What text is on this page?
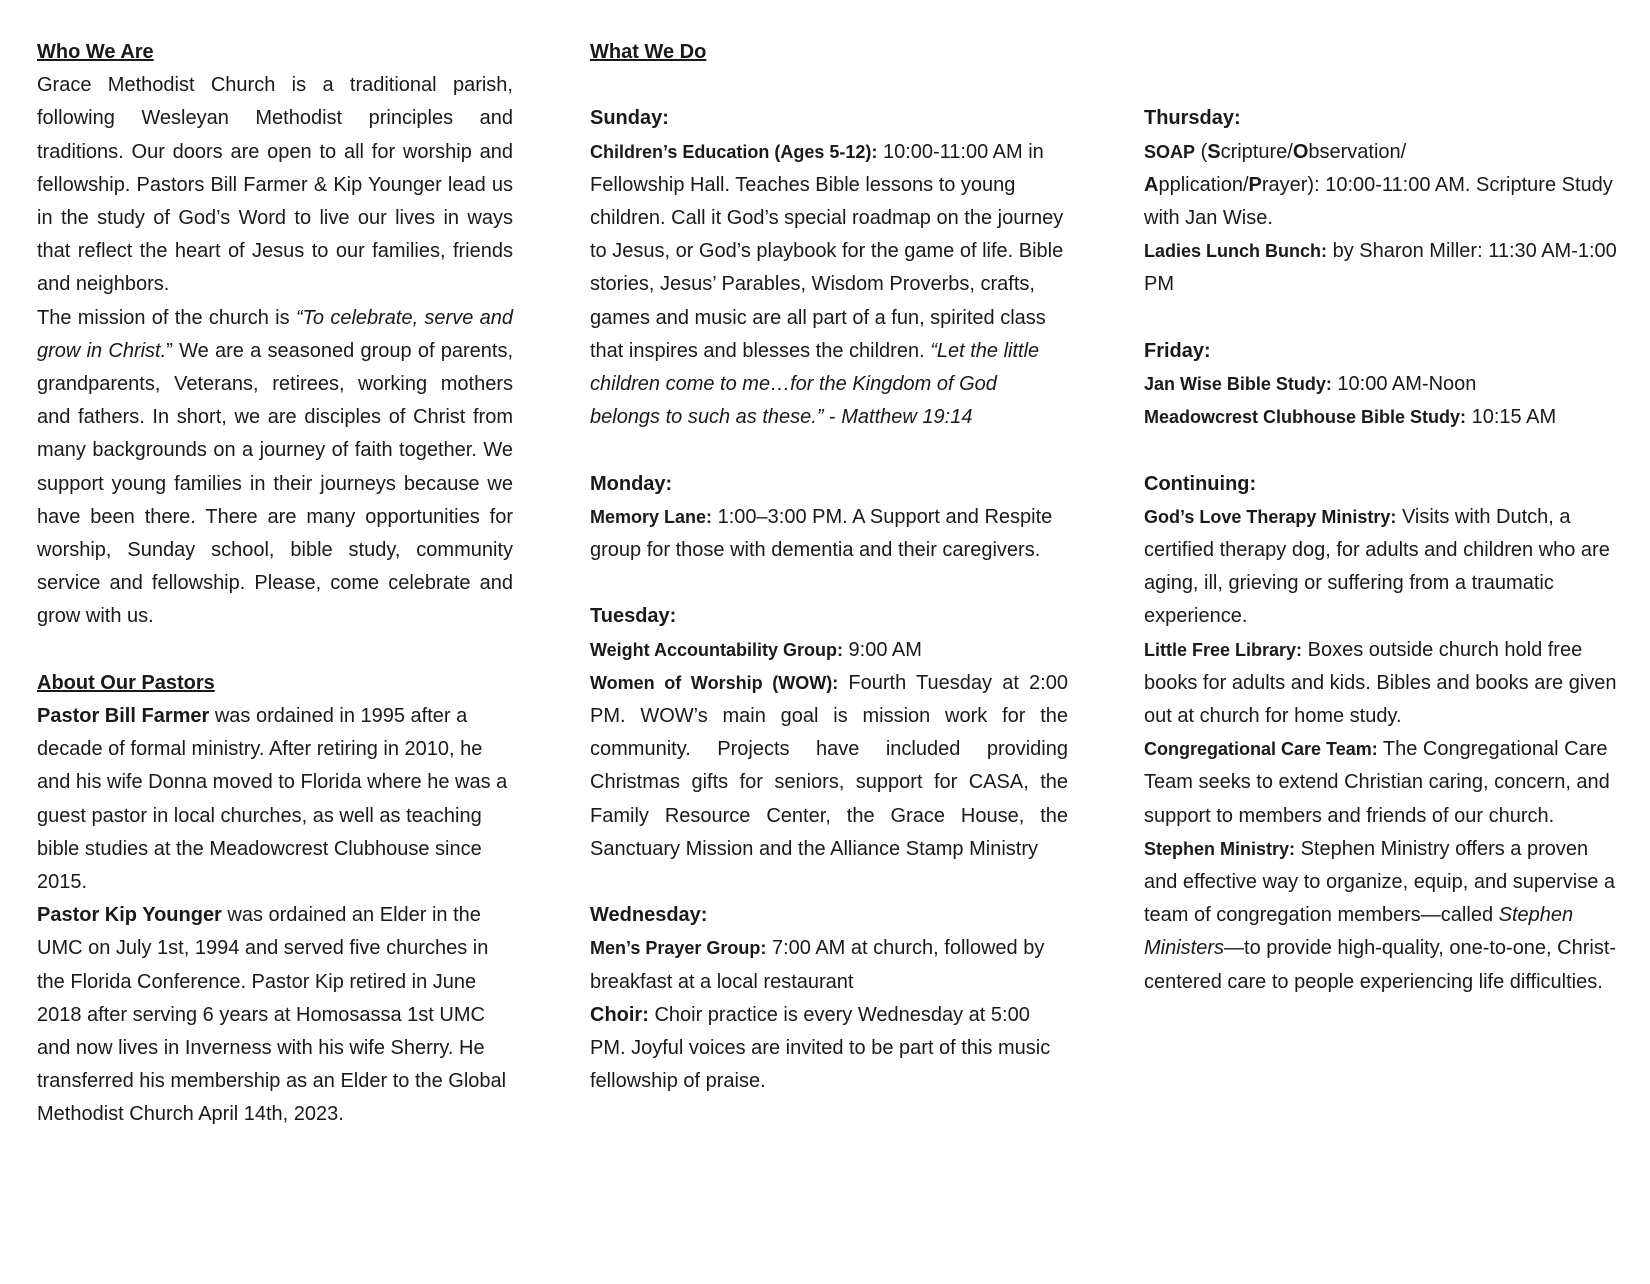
Who We Are

Grace Methodist Church is a traditional parish, following Wesleyan Methodist principles and traditions. Our doors are open to all for worship and fellowship. Pastors Bill Farmer & Kip Younger lead us in the study of God’s Word to live our lives in ways that reflect the heart of Jesus to our families, friends and neighbors.

The mission of the church is “To celebrate, serve and grow in Christ.” We are a seasoned group of parents, grandparents, Veterans, retirees, working mothers and fathers. In short, we are disciples of Christ from many backgrounds on a journey of faith together. We support young families in their journeys because we have been there. There are many opportunities for worship, Sunday school, bible study, community service and fellowship. Please, come celebrate and grow with us.

About Our Pastors

Pastor Bill Farmer was ordained in 1995 after a decade of formal ministry. After retiring in 2010, he and his wife Donna moved to Florida where he was a guest pastor in local churches, as well as teaching bible studies at the Meadowcrest Clubhouse since 2015.

Pastor Kip Younger was ordained an Elder in the UMC on July 1st, 1994 and served five churches in the Florida Conference. Pastor Kip retired in June 2018 after serving 6 years at Homosassa 1st UMC and now lives in Inverness with his wife Sherry. He transferred his membership as an Elder to the Global Methodist Church April 14th, 2023.

What We Do

Sunday:

Children’s Education (Ages 5-12): 10:00-11:00 AM in Fellowship Hall. Teaches Bible lessons to young children. Call it God’s special roadmap on the journey to Jesus, or God’s playbook for the game of life. Bible stories, Jesus’ Parables, Wisdom Proverbs, crafts, games and music are all part of a fun, spirited class that inspires and blesses the children. “Let the little children come to me…for the Kingdom of God belongs to such as these.” - Matthew 19:14

Monday:

Memory Lane: 1:00–3:00 PM. A Support and Respite group for those with dementia and their caregivers.

Tuesday:

Weight Accountability Group: 9:00 AM

Women of Worship (WOW): Fourth Tuesday at 2:00 PM. WOW’s main goal is mission work for the community. Projects have included providing Christmas gifts for seniors, support for CASA, the Family Resource Center, the Grace House, the Sanctuary Mission and the Alliance Stamp Ministry

Wednesday:

Men’s Prayer Group: 7:00 AM at church, followed by breakfast at a local restaurant

Choir: Choir practice is every Wednesday at 5:00 PM. Joyful voices are invited to be part of this music fellowship of praise.

Thursday:

SOAP (Scripture/Observation/
Application/Prayer): 10:00-11:00 AM. Scripture Study with Jan Wise.

Ladies Lunch Bunch: by Sharon Miller: 11:30 AM-1:00 PM

Friday:

Jan Wise Bible Study: 10:00 AM-Noon

Meadowcrest Clubhouse Bible Study: 10:15 AM

Continuing:

God’s Love Therapy Ministry: Visits with Dutch, a certified therapy dog, for adults and children who are aging, ill, grieving or suffering from a traumatic experience.

Little Free Library: Boxes outside church hold free books for adults and kids. Bibles and books are given out at church for home study.

Congregational Care Team: The Congregational Care Team seeks to extend Christian caring, concern, and support to members and friends of our church.

Stephen Ministry: Stephen Ministry offers a proven and effective way to organize, equip, and supervise a team of congregation members—called Stephen Ministers—to provide high-quality, one-to-one, Christ-centered care to people experiencing life difficulties.
